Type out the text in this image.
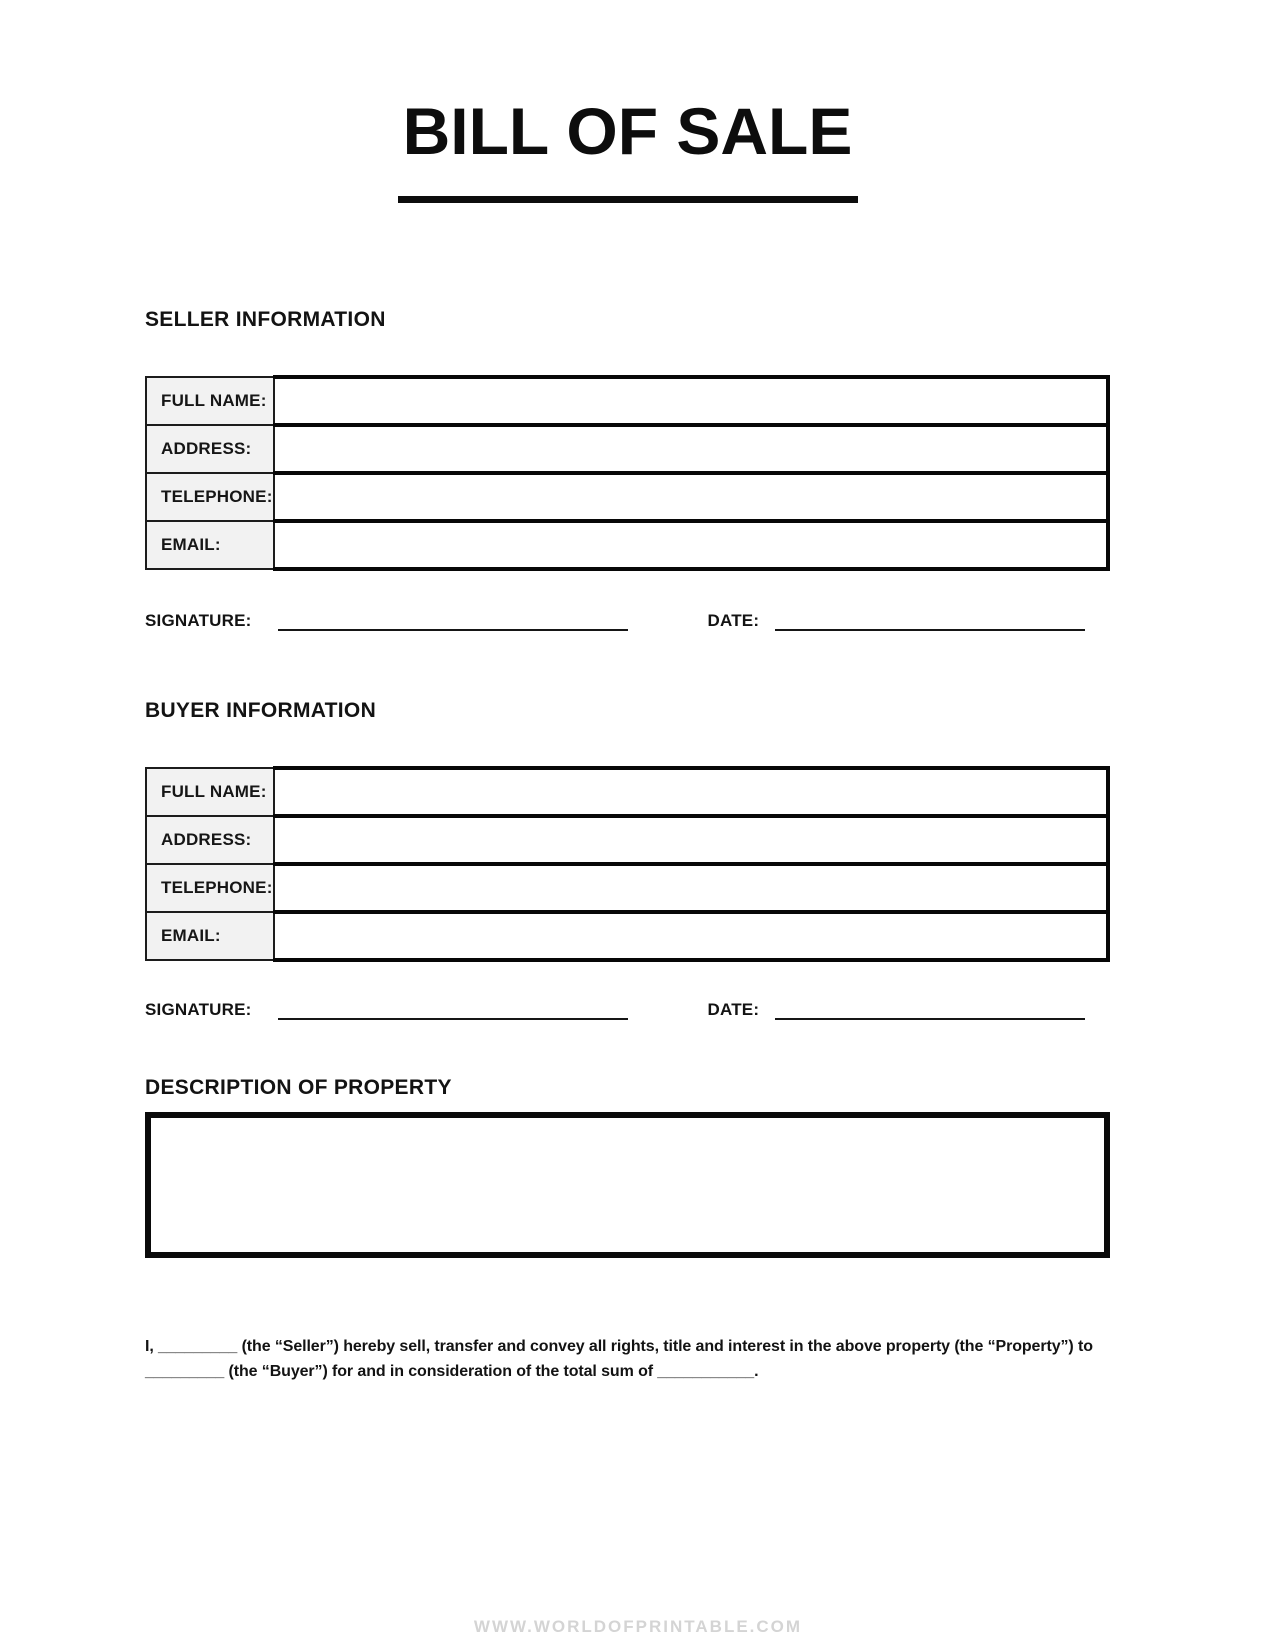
BILL OF SALE
SELLER INFORMATION
FULL NAME:	
ADDRESS:	
TELEPHONE:	
EMAIL:	
SIGNATURE:	DATE:
BUYER INFORMATION
FULL NAME:	
ADDRESS:	
TELEPHONE:	
EMAIL:	
SIGNATURE:	DATE:
DESCRIPTION OF PROPERTY

I, _________ (the “Seller”) hereby sell, transfer and convey all rights, title and interest in the above property (the “Property”) to _________ (the “Buyer”) for and in consideration of the total sum of ___________.

WWW.WORLDOFPRINTABLE.COM
